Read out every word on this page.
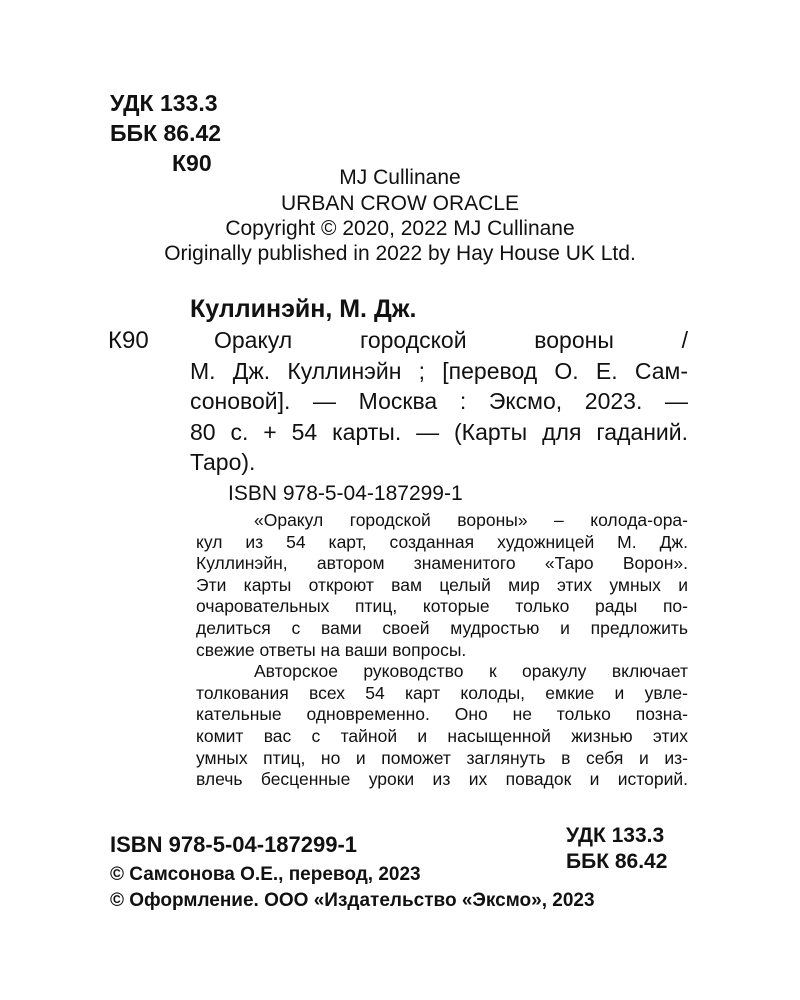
УДК 133.3
ББК 86.42
К90
MJ Cullinane
URBAN CROW ORACLE
Copyright © 2020, 2022 MJ Cullinane
Originally published in 2022 by Hay House UK Ltd.
Куллинэйн, М. Дж.
К90	Оракул городской вороны /
М. Дж. Куллинэйн ; [перевод О. Е. Сам-
соновой]. — Москва : Эксмо, 2023. —
80 с. + 54 карты. — (Карты для гаданий.
Таро).
ISBN 978-5-04-187299-1
«Оракул городской вороны» – колода-ора-
кул из 54 карт, созданная художницей М. Дж.
Куллинэйн, автором знаменитого «Таро Ворон».
Эти карты откроют вам целый мир этих умных и
очаровательных птиц, которые только рады по-
делиться с вами своей мудростью и предложить
свежие ответы на ваши вопросы.
Авторское руководство к оракулу включает
толкования всех 54 карт колоды, емкие и увле-
кательные одновременно. Оно не только позна-
комит вас с тайной и насыщенной жизнью этих
умных птиц, но и поможет заглянуть в себя и из-
влечь бесценные уроки из их повадок и историй.
УДК 133.3
ББК 86.42
ISBN 978-5-04-187299-1
© Самсонова О.Е., перевод, 2023
© Оформление. ООО «Издательство «Эксмо», 2023
